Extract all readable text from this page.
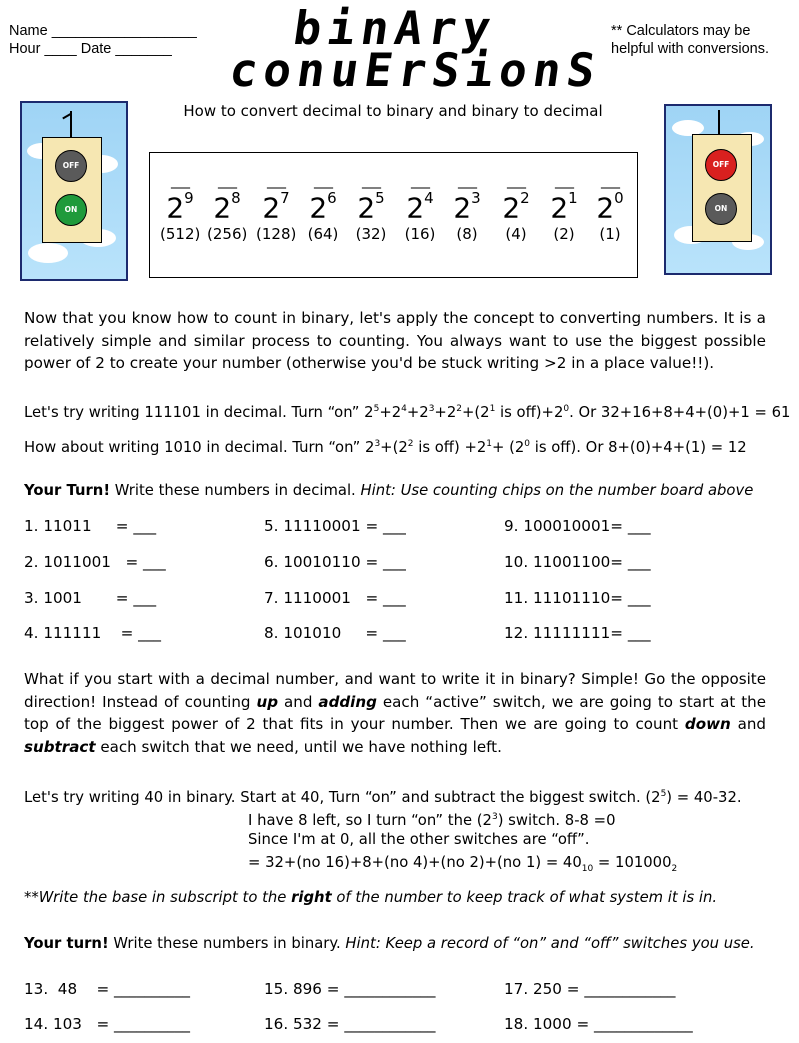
Name __________________
Hour ____ Date _______	binAry
conuErSionS
** Calculators may be helpful with conversions.
How to convert decimal to binary and binary to decimal
OFF
ON
OFF
ON
___
$2^9$
(512)
___
$2^8$
(256)
___
$2^7$
(128)
___
$2^6$
(64)
___
$2^5$
(32)
___
$2^4$
(16)
___
$2^3$
(8)
___
$2^2$
(4)
___
$2^1$
(2)
___
$2^0$
(1)
Now that you know how to count in binary, let's apply the concept to converting numbers. It is a relatively simple and similar process to counting. You always want to use the biggest possible power of 2 to create your number (otherwise you'd be stuck writing >2 in a place value!!).
Let's try writing 111101 in decimal. Turn “on” $2^5+2^4+2^3+2^2+(2^1$ is $off)+2^0$. Or 32+16+8+4+(0)+1 = 61
How about writing 1010 in decimal. Turn “on” $2^3+(2^2$ is $off) +2^1+ (2^0$ is off). Or 8+(0)+4+(1) = 12
Your Turn! Write these numbers in decimal. Hint: Use counting chips on the number board above
1. 11011     = ___	5. 11110001 = ___	9. 100010001= ___
2. 1011001   = ___	6. 10010110 = ___	10. 11001100= ___
3. 1001       = ___	7. 1110001   = ___	11. 11101110= ___
4. 111111    = ___	8. 101010     = ___	12. 11111111= ___
What if you start with a decimal number, and want to write it in binary? Simple! Go the opposite direction! Instead of counting up and adding each “active” switch, we are going to start at the top of the biggest power of 2 that fits in your number. Then we are going to count down and subtract each switch that we need, until we have nothing left.
Let's try writing 40 in binary. Start at 40, Turn “on” and subtract the biggest switch. $(2^5) = 40-32$.
I have 8 left, so I turn “on” the $(2^3)$ switch. 8-8 =0
Since I'm at 0, all the other switches are “off”.
= 32+(no 16)+8+(no 4)+(no 2)+(no $1) = 40_{10} = 101000_2$
**Write the base in subscript to the right of the number to keep track of what system it is in.
Your turn! Write these numbers in binary. Hint: Keep a record of “on” and “off” switches you use.
13.  48    = __________	15. 896 = ____________	17. 250 = ____________
14. 103   = __________	16. 532 = ____________	18. 1000 = _____________
